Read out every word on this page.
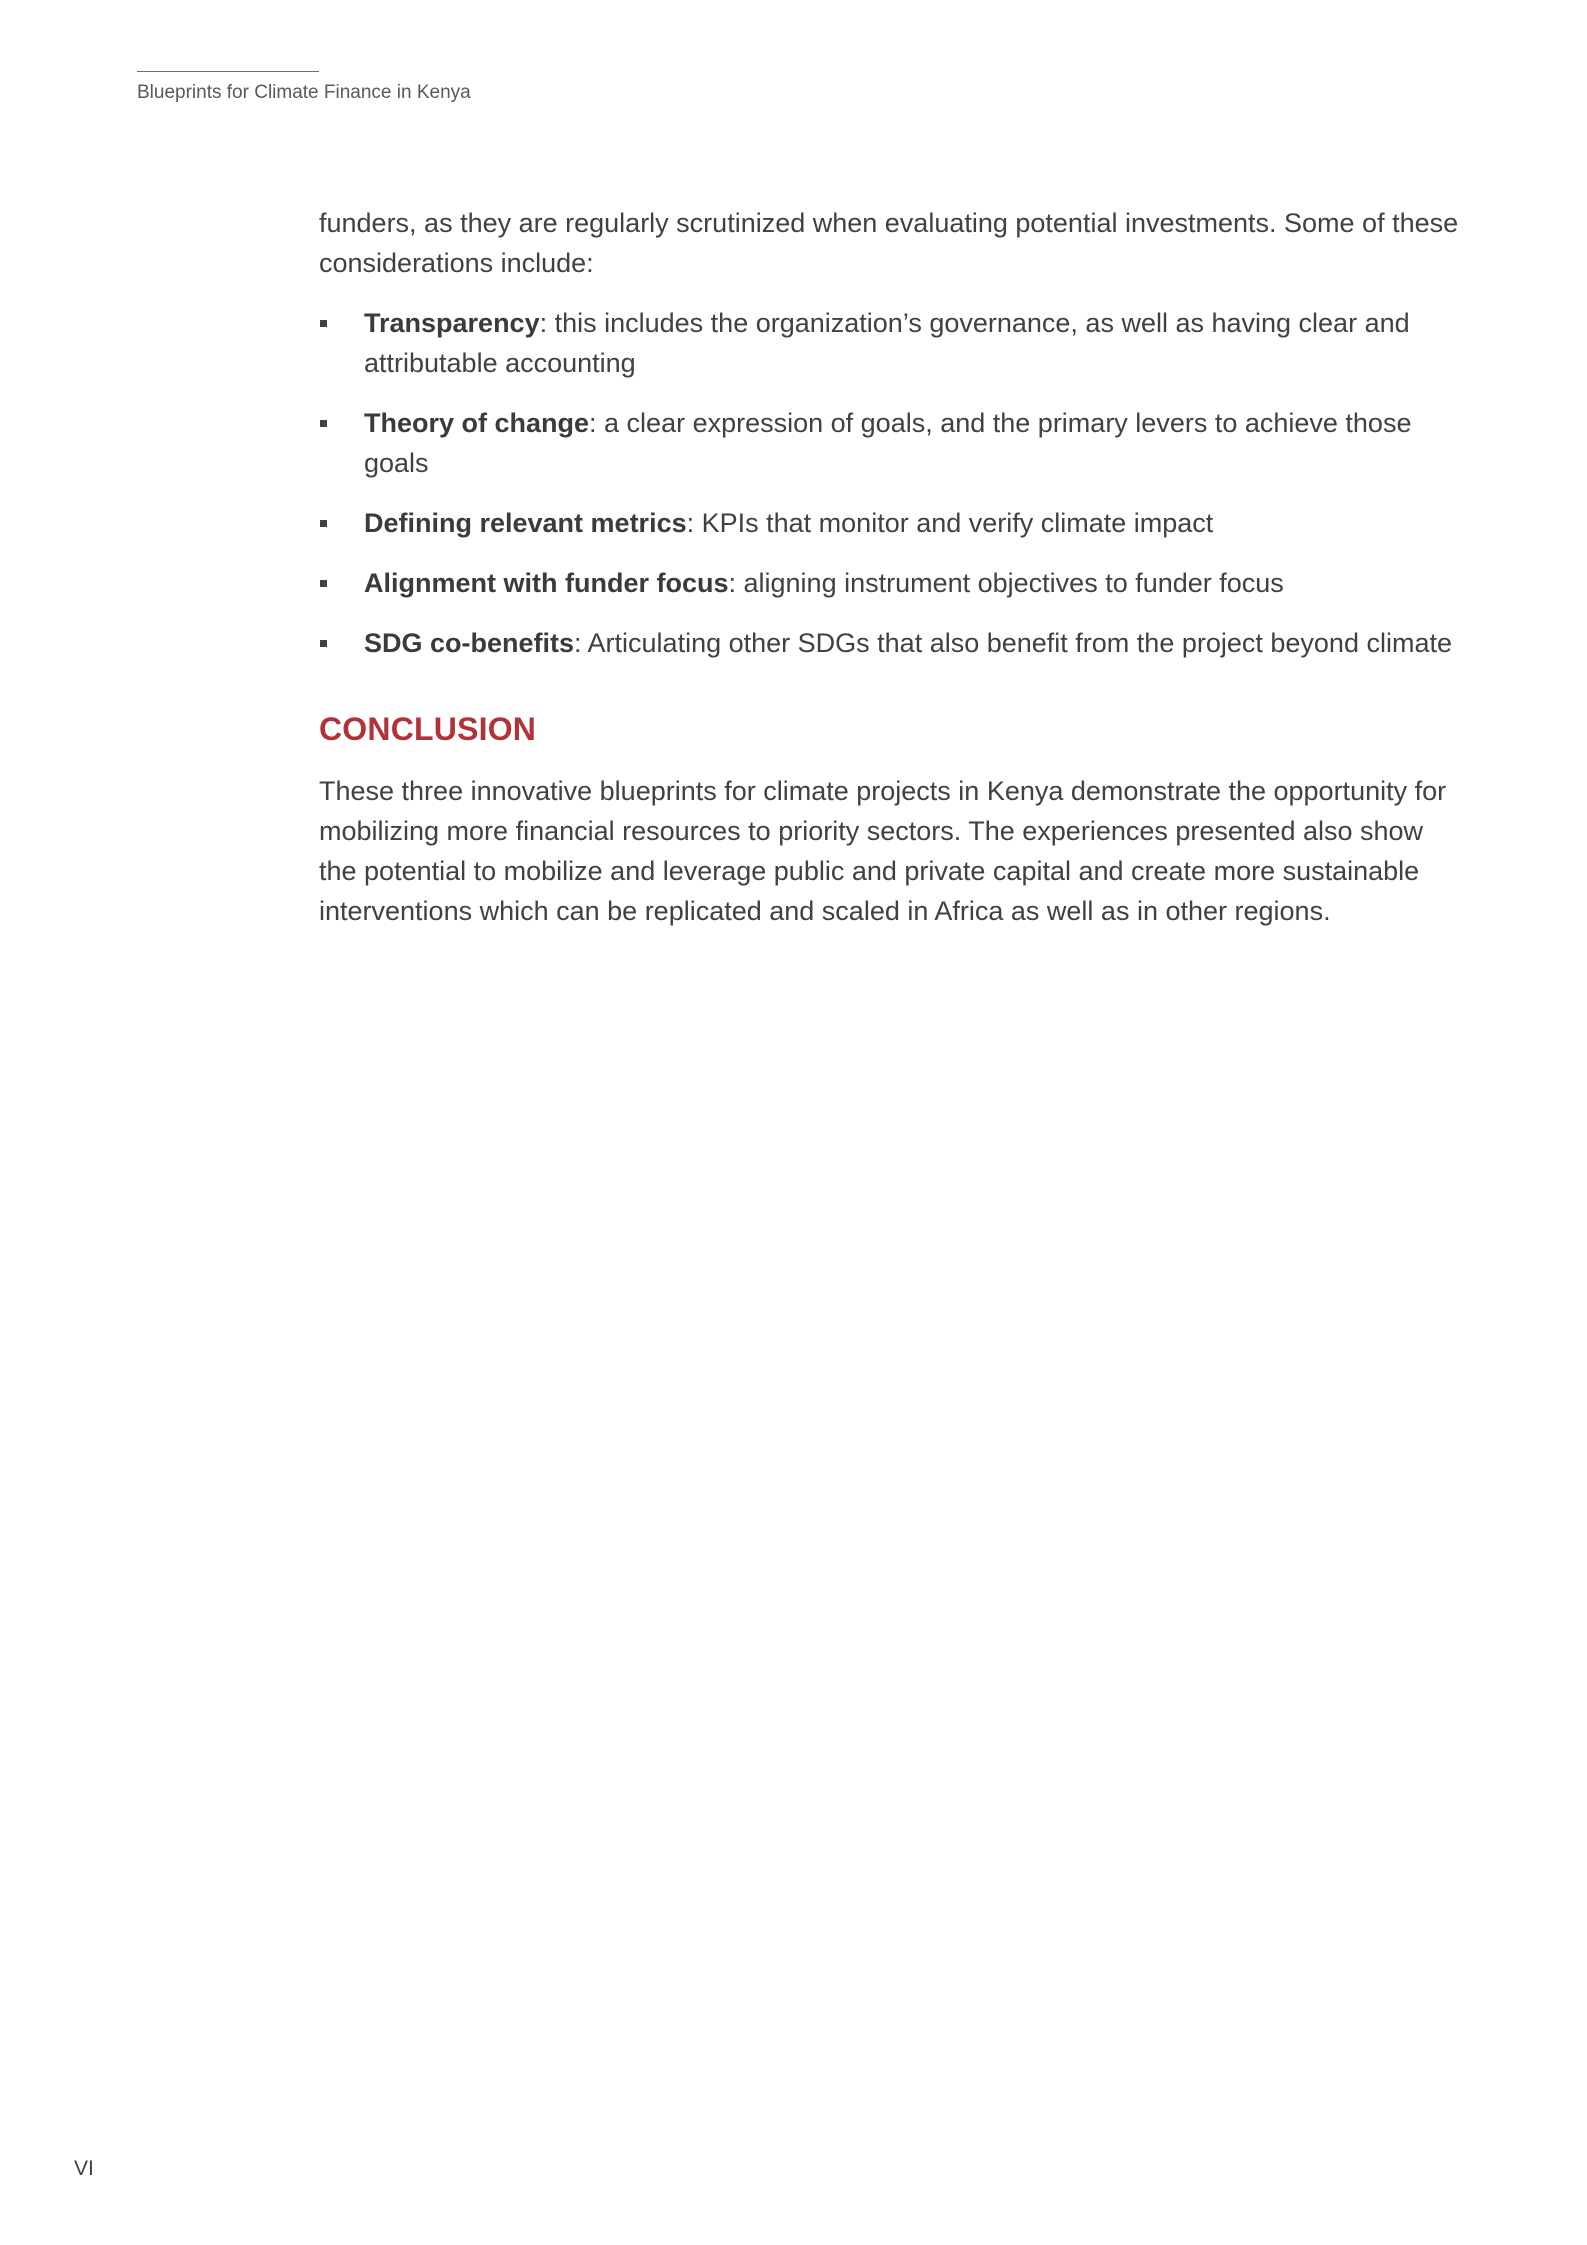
Blueprints for Climate Finance in Kenya

funders, as they are regularly scrutinized when evaluating potential investments. Some of these considerations include:

Transparency: this includes the organization’s governance, as well as having clear and attributable accounting
Theory of change: a clear expression of goals, and the primary levers to achieve those goals
Defining relevant metrics: KPIs that monitor and verify climate impact
Alignment with funder focus: aligning instrument objectives to funder focus
SDG co-benefits: Articulating other SDGs that also benefit from the project beyond climate
CONCLUSION

These three innovative blueprints for climate projects in Kenya demonstrate the opportunity for mobilizing more financial resources to priority sectors. The experiences presented also show the potential to mobilize and leverage public and private capital and create more sustainable interventions which can be replicated and scaled in Africa as well as in other regions.

VI
